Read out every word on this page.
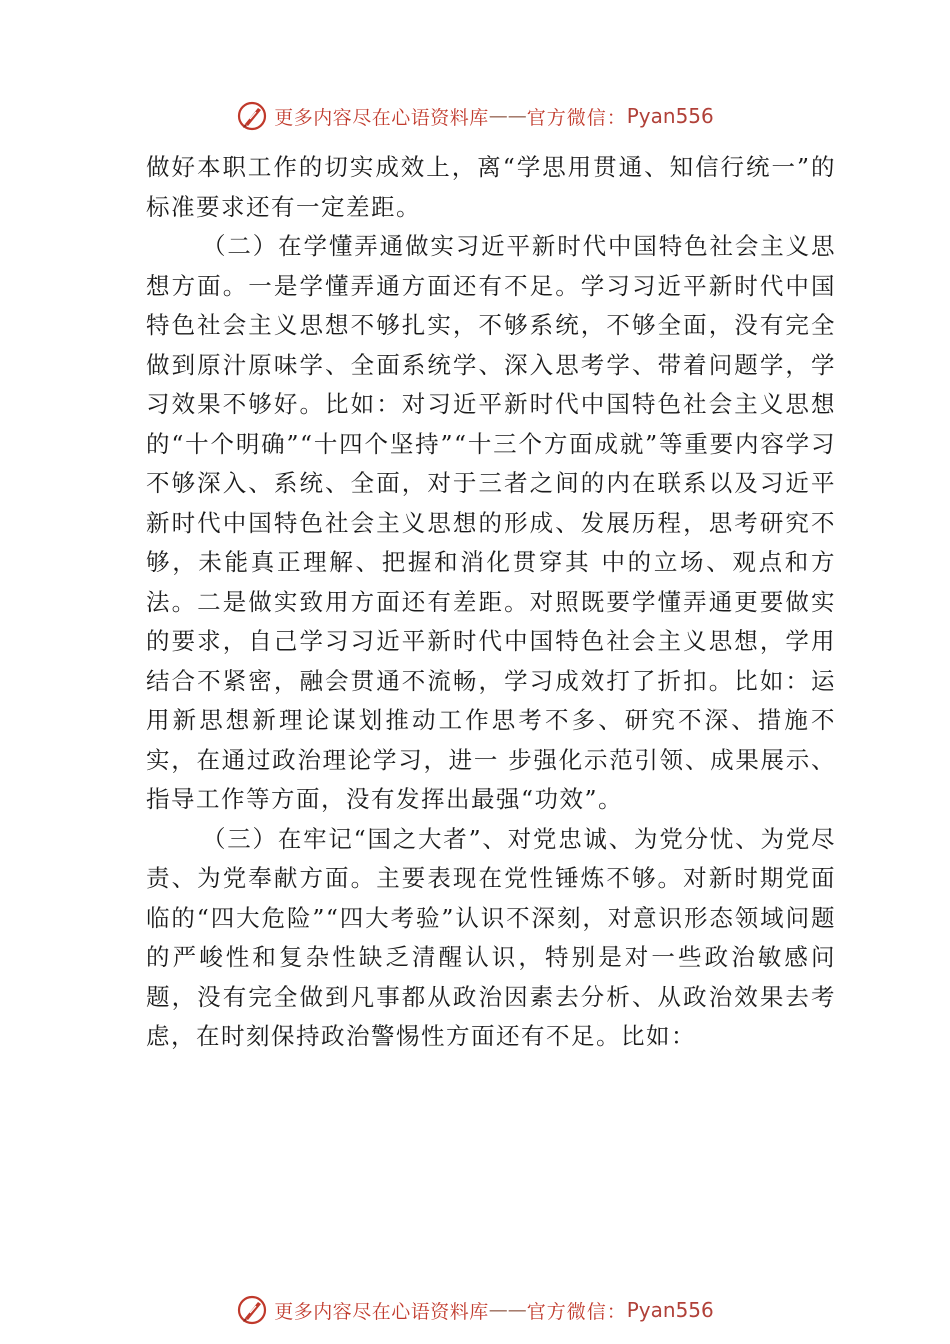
更多内容尽在心语资料库 —— 官方微信： Pyan556

做好本职工作的切实成效上，离“学思用贯通、知信行统一”的标准要求还有一定差距。

（二）在学懂弄通做实习近平新时代中国特色社会主义思想方面。一是学懂弄通方面还有不足。学习习近平新时代中国特色社会主义思想不够扎实，不够系统，不够全面，没有完全做到原汁原味学、全面系统学、深入思考学、带着问题学，学习效果不够好。比如：对习近平新时代中国特色社会主义思想的“十个明确”“十四个坚持”“十三个方面成就”等重要内容学习不够深入、系统、全面，对于三者之间的内在联系以及习近平新时代中国特色社会主义思想的形成、发展历程，思考研究不够，未能真正理解、把握和消化贯穿其 中的立场、观点和方法。二是做实致用方面还有差距。对照既要学懂弄通更要做实的要求，自己学习习近平新时代中国特色社会主义思想，学用结合不紧密，融会贯通不流畅，学习成效打了折扣。比如：运用新思想新理论谋划推动工作思考不多、研究不深、措施不实，在通过政治理论学习，进一 步强化示范引领、成果展示、指导工作等方面，没有发挥出最强“功效”。

（三）在牢记“国之大者”、对党忠诚、为党分忧、为党尽责、为党奉献方面。主要表现在党性锤炼不够。对新时期党面临的“四大危险”“四大考验”认识不深刻，对意识形态领域问题的严峻性和复杂性缺乏清醒认识，特别是对一些政治敏感问题，没有完全做到凡事都从政治因素去分析、从政治效果去考虑，在时刻保持政治警惕性方面还有不足。比如：

更多内容尽在心语资料库 —— 官方微信： Pyan556
